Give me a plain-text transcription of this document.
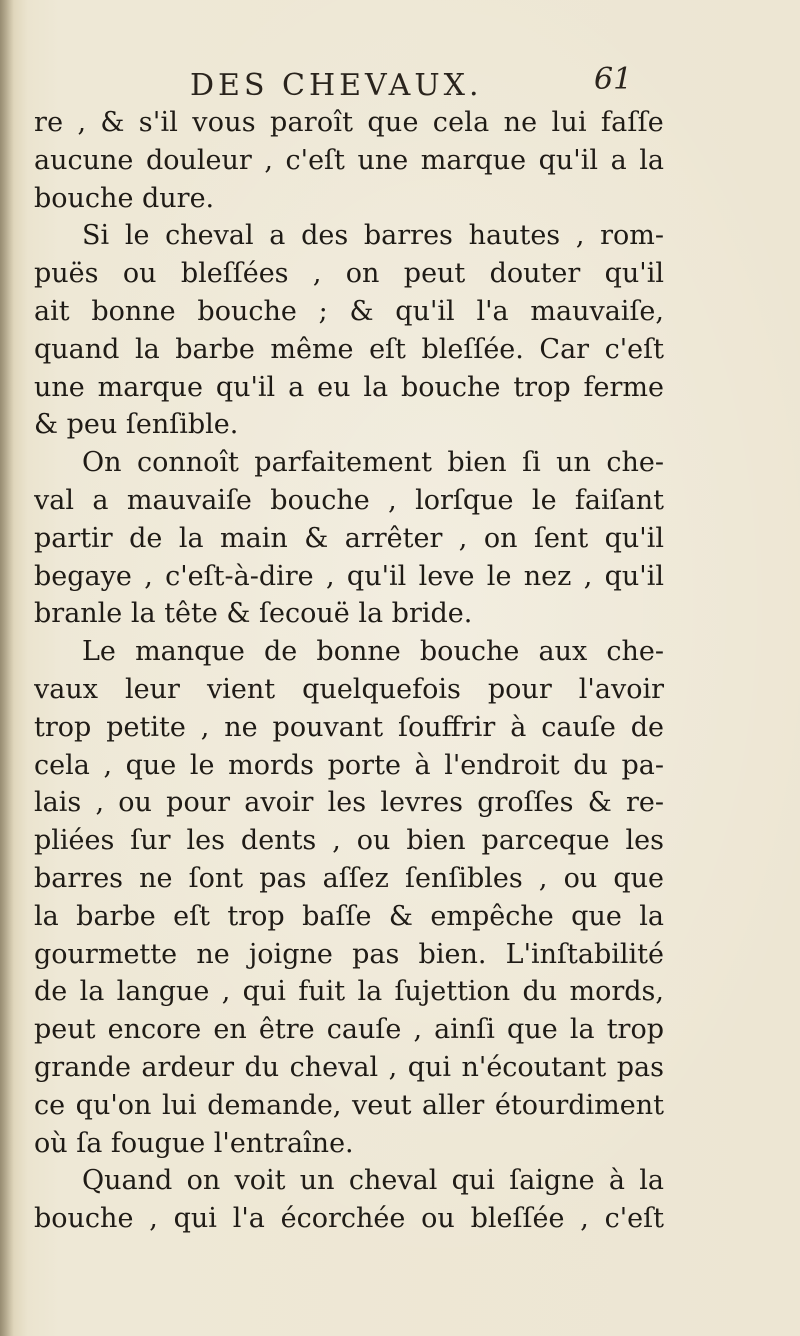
DES CHEVAUX.	61
re , & s'il vous paroît que cela ne lui faſſe
aucune douleur , c'eſt une marque qu'il a la
bouche dure.
Si le cheval a des barres hautes , rom-
puës ou bleſſées , on peut douter qu'il
ait bonne bouche ; & qu'il l'a mauvaiſe,
quand la barbe même eſt bleſſée. Car c'eſt
une marque qu'il a eu la bouche trop ferme
& peu ſenſible.
On connoît parfaitement bien ſi un che-
val a mauvaiſe bouche , lorſque le faiſant
partir de la main & arrêter , on ſent qu'il
begaye , c'eſt-à-dire , qu'il leve le nez , qu'il
branle la tête & ſecouë la bride.
Le manque de bonne bouche aux che-
vaux leur vient quelquefois pour l'avoir
trop petite , ne pouvant ſouffrir à cauſe de
cela , que le mords porte à l'endroit du pa-
lais , ou pour avoir les levres groſſes & re-
pliées ſur les dents , ou bien parceque les
barres ne ſont pas aſſez ſenſibles , ou que
la barbe eſt trop baſſe & empêche que la
gourmette ne joigne pas bien. L'inſtabilité
de la langue , qui fuit la ſujettion du mords,
peut encore en être cauſe , ainſi que la trop
grande ardeur du cheval , qui n'écoutant pas
ce qu'on lui demande, veut aller étourdiment
où ſa fougue l'entraîne.
Quand on voit un cheval qui ſaigne à la
bouche , qui l'a écorchée ou bleſſée , c'eſt
